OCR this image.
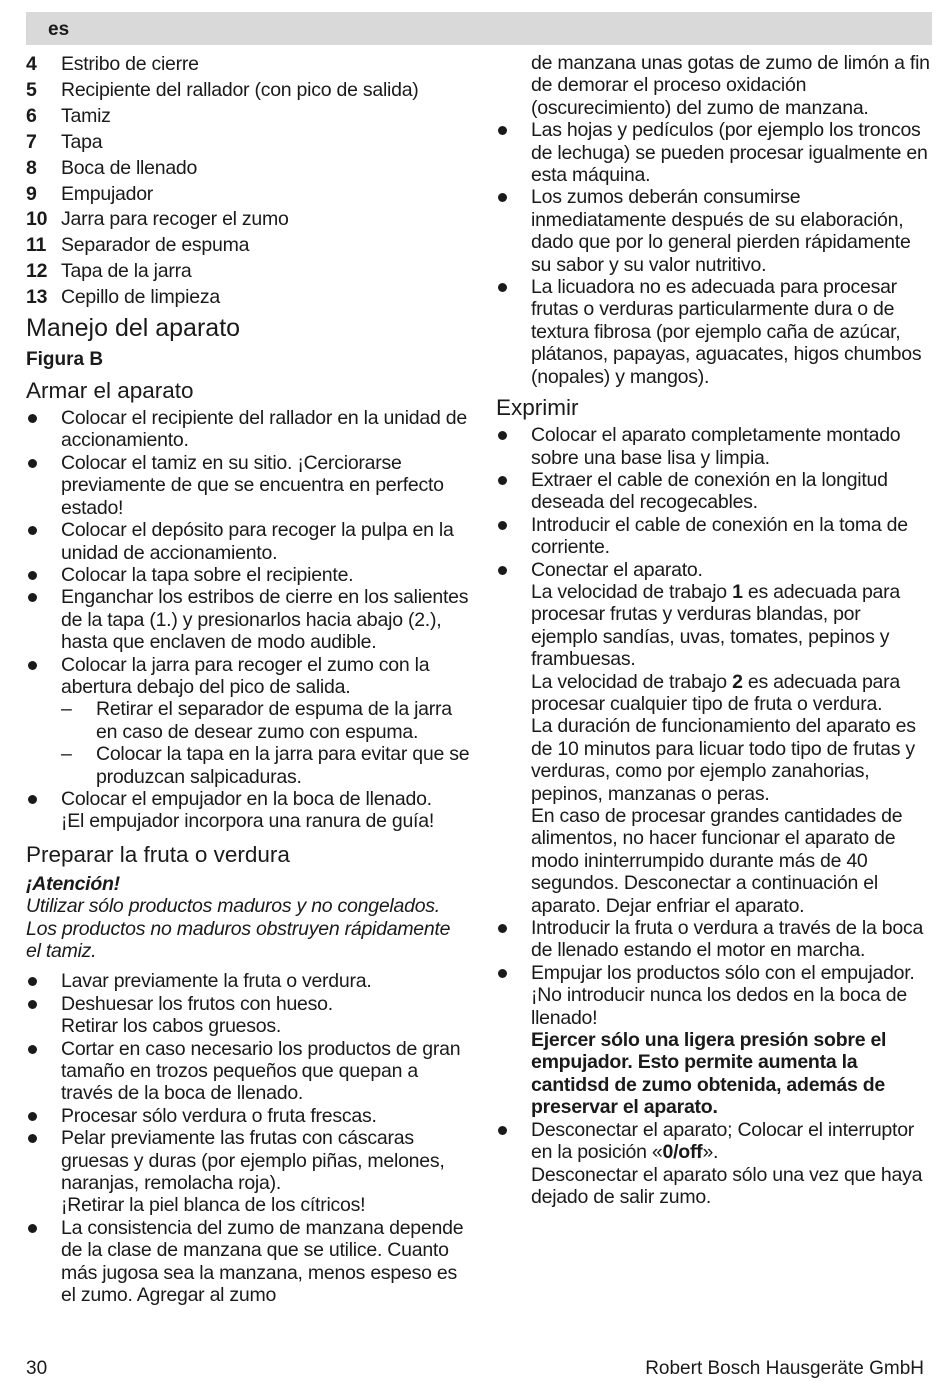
es
4	Estribo de cierre
5	Recipiente del rallador (con pico de salida)
6	Tamiz
7	Tapa
8	Boca de llenado
9	Empujador
10 Jarra para recoger el zumo
11 Separador de espuma
12 Tapa de la jarra
13 Cepillo de limpieza
Manejo del aparato
Figura B
Armar el aparato
Colocar el recipiente del rallador en la unidad de accionamiento.
Colocar el tamiz en su sitio. ¡Cerciorarse previamente de que se encuentra en perfecto estado!
Colocar el depósito para recoger la pulpa en la unidad de accionamiento.
Colocar la tapa sobre el recipiente.
Enganchar los estribos de cierre en los salientes de la tapa (1.) y presionarlos hacia abajo (2.), hasta que enclaven de modo audible.
Colocar la jarra para recoger el zumo con la abertura debajo del pico de salida.
–	Retirar el separador de espuma de la jarra en caso de desear zumo con espuma.
–	Colocar la tapa en la jarra para evitar que se produzcan salpicaduras.
Colocar el empujador en la boca de llenado.
¡El empujador incorpora una ranura de guía!
Preparar la fruta o verdura
¡Atención!
Utilizar sólo productos maduros y no congelados. Los productos no maduros obstruyen rápidamente el tamiz.
Lavar previamente la fruta o verdura.
Deshuesar los frutos con hueso.
Retirar los cabos gruesos.
Cortar en caso necesario los productos de gran tamaño en trozos pequeños que quepan a través de la boca de llenado.
Procesar sólo verdura o fruta frescas.
Pelar previamente las frutas con cáscaras gruesas y duras (por ejemplo piñas, melones, naranjas, remolacha roja).
¡Retirar la piel blanca de los cítricos!
La consistencia del zumo de manzana depende de la clase de manzana que se utilice. Cuanto más jugosa sea la manzana, menos espeso es el zumo. Agregar al zumo
de manzana unas gotas de zumo de limón a fin de demorar el proceso oxidación (oscurecimiento) del zumo de manzana.
Las hojas y pedículos (por ejemplo los troncos de lechuga) se pueden procesar igualmente en esta máquina.
Los zumos deberán consumirse inmediatamente después de su elaboración, dado que por lo general pierden rápidamente su sabor y su valor nutritivo.
La licuadora no es adecuada para procesar frutas o verduras particularmente dura o de textura fibrosa (por ejemplo caña de azúcar, plátanos, papayas, aguacates, higos chumbos (nopales) y mangos).
Exprimir
Colocar el aparato completamente montado sobre una base lisa y limpia.
Extraer el cable de conexión en la longitud deseada del recogecables.
Introducir el cable de conexión en la toma de corriente.
Conectar el aparato.
La velocidad de trabajo 1 es adecuada para procesar frutas y verduras blandas, por ejemplo sandías, uvas, tomates, pepinos y frambuesas.
La velocidad de trabajo 2 es adecuada para procesar cualquier tipo de fruta o verdura.
La duración de funcionamiento del aparato es de 10 minutos para licuar todo tipo de frutas y verduras, como por ejemplo zanahorias, pepinos, manzanas o peras.
En caso de procesar grandes cantidades de alimentos, no hacer funcionar el aparato de modo ininterrumpido durante más de 40 segundos. Desconectar a continuación el aparato. Dejar enfriar el aparato.
Introducir la fruta o verdura a través de la boca de llenado estando el motor en marcha.
Empujar los productos sólo con el empujador. ¡No introducir nunca los dedos en la boca de llenado!
Ejercer sólo una ligera presión sobre el empujador. Esto permite aumenta la cantidsd de zumo obtenida, además de preservar el aparato.
Desconectar el aparato; Colocar el interruptor en la posición «0/off».
Desconectar el aparato sólo una vez que haya dejado de salir zumo.
30	Robert Bosch Hausgeräte GmbH
